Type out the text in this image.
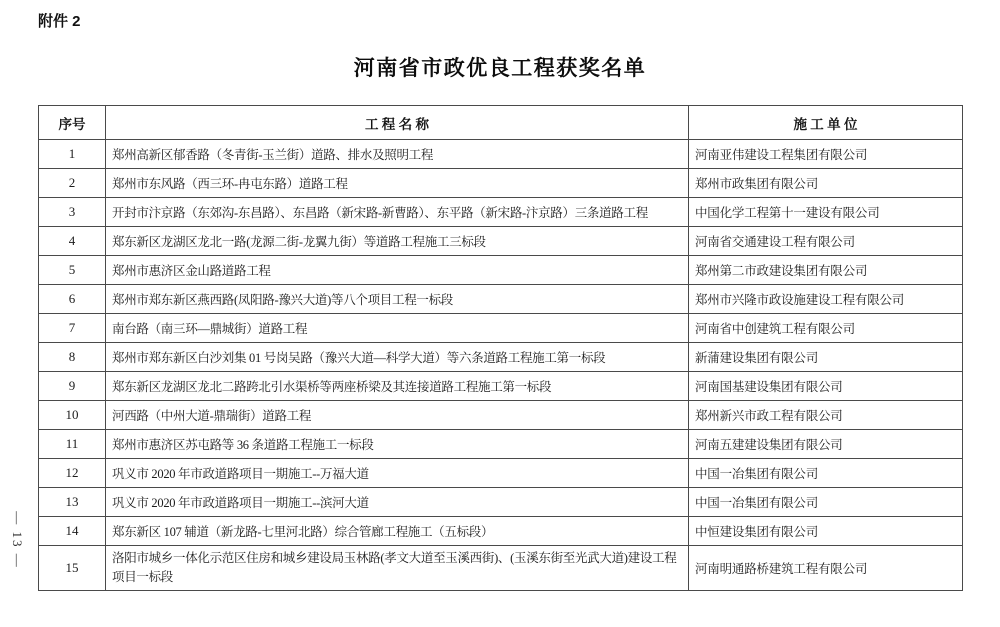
附件 2
河南省市政优良工程获奖名单
— 13 —
序号	工 程 名 称	施 工 单 位
1	郑州高新区郁香路（冬青街-玉兰街）道路、排水及照明工程	河南亚伟建设工程集团有限公司
2	郑州市东风路（西三环-冉屯东路）道路工程	郑州市政集团有限公司
3	开封市汴京路（东郊沟-东昌路）、东昌路（新宋路-新曹路）、东平路（新宋路-汴京路）三条道路工程	中国化学工程第十一建设有限公司
4	郑东新区龙湖区龙北一路(龙源二街-龙翼九街）等道路工程施工三标段	河南省交通建设工程有限公司
5	郑州市惠济区金山路道路工程	郑州第二市政建设集团有限公司
6	郑州市郑东新区燕西路(凤阳路-豫兴大道)等八个项目工程一标段	郑州市兴隆市政设施建设工程有限公司
7	南台路（南三环—鼎城街）道路工程	河南省中创建筑工程有限公司
8	郑州市郑东新区白沙刘集 01 号岗吴路（豫兴大道—科学大道）等六条道路工程施工第一标段	新蒲建设集团有限公司
9	郑东新区龙湖区龙北二路跨北引水渠桥等两座桥梁及其连接道路工程施工第一标段	河南国基建设集团有限公司
10	河西路（中州大道-鼎瑞街）道路工程	郑州新兴市政工程有限公司
11	郑州市惠济区苏屯路等 36 条道路工程施工一标段	河南五建建设集团有限公司
12	巩义市 2020 年市政道路项目一期施工--万福大道	中国一冶集团有限公司
13	巩义市 2020 年市政道路项目一期施工--滨河大道	中国一冶集团有限公司
14	郑东新区 107 辅道（新龙路-七里河北路）综合管廊工程施工（五标段）	中恒建设集团有限公司
15	洛阳市城乡一体化示范区住房和城乡建设局玉林路(孝文大道至玉溪西街)、(玉溪东街至光武大道)建设工程项目一标段	河南明通路桥建筑工程有限公司
